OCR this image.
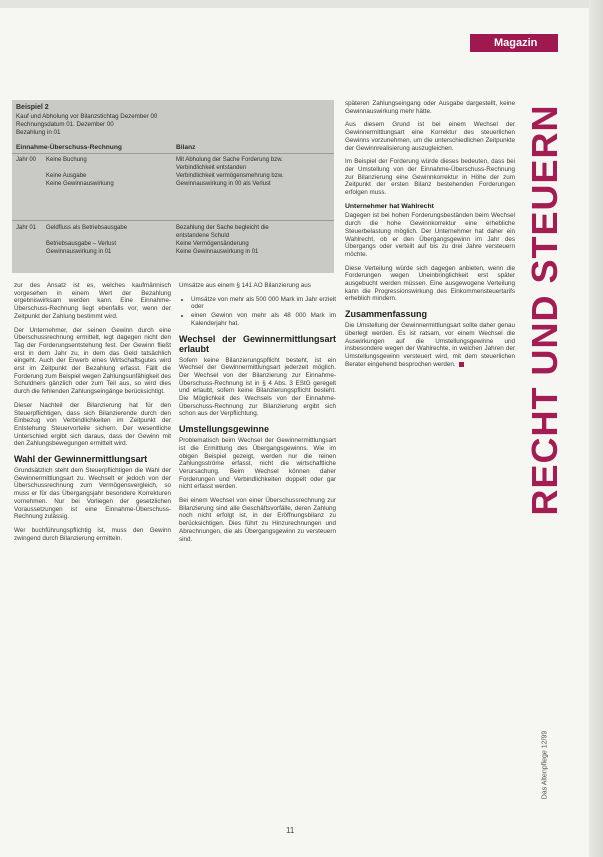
Magazin
RECHT UND STEUERN
Das Altenpflege 12/99
Beispiel 2
Kauf und Abholung vor Bilanzstichtag Dezember 00
Rechnungsdatum 01. Dezember 00
Bezahlung in 01
Einnahme-Überschuss-Rechnung	Bilanz
Jahr 00 Keine Buchung
Keine Ausgabe
Keine Gewinnauswirkung
Mit Abholung der Sache Forderung bzw.
Verbindlichkeit entstanden
Verbindlichkeit vermögensmehrung bzw.
Gewinnauswirkung in 00 als Verlust
Jahr 01 Geldfluss als Betriebsausgabe
Betriebsausgabe – Verlust
Gewinnauswirkung in 01
Bezahlung der Sache begleicht die
entstandene Schuld
Keine Vermögensänderung
Keine Gewinnauswirkung in 01

zur des Ansatz ist es, welches kaufmännisch vorgesehen in einem Wert der Bezahlung ergebniswirksam werden kann. Eine Einnahme-Überschuss-Rechnung liegt ebenfalls vor, wenn der Zeitpunkt der Zahlung bestimmt wird.

Der Unternehmer, der seinen Gewinn durch eine Überschussrechnung ermittelt, legt dagegen nicht den Tag der Forderungsentstehung fest. Der Gewinn fließt erst in dem Jahr zu, in dem das Geld tatsächlich eingeht. Auch der Erwerb eines Wirtschaftsgutes wird erst im Zeitpunkt der Bezahlung erfasst. Fällt die Forderung zum Beispiel wegen Zahlungsunfähigkeit des Schuldners gänzlich oder zum Teil aus, so wird dies durch die fehlenden Zahlungseingänge berücksichtigt.

Dieser Nachteil der Bilanzierung hat für den Steuerpflichtigen, dass sich Bilanzierende durch den Einbezug von Verbindlichkeiten im Zeitpunkt der Entstehung Steuervorteile sichern. Der wesentliche Unterschied ergibt sich daraus, dass der Gewinn mit den Zahlungsbewegungen ermittelt wird.

Wahl der Gewinnermittlungsart

Grundsätzlich steht dem Steuerpflichtigen die Wahl der Gewinnermittlungsart zu. Wechselt er jedoch von der Überschussrechnung zum Vermögensvergleich, so muss er für das Übergangsjahr besondere Korrekturen vornehmen. Nur bei Vorliegen der gesetzlichen Voraussetzungen ist eine Einnahme-Überschuss-Rechnung zulässig.

Wer buchführungspflichtig ist, muss den Gewinn zwingend durch Bilanzierung ermitteln.

Umsätze aus einem § 141 AO Bilanzierung aus

• Umsätze von mehr als 500 000 Mark im Jahr erzielt oder
• einen Gewinn von mehr als 48 000 Mark im Kalenderjahr hat.
Wechsel der Gewinnermittlungsart erlaubt

Sofern keine Bilanzierungspflicht besteht, ist ein Wechsel der Gewinnermittlungsart jederzeit möglich. Der Wechsel von der Bilanzierung zur Einnahme-Überschuss-Rechnung ist in § 4 Abs. 3 EStG geregelt und erlaubt, sofern keine Bilanzierungspflicht besteht. Die Möglichkeit des Wechsels von der Einnahme-Überschuss-Rechnung zur Bilanzierung ergibt sich schon aus der Verpflichtung.

Umstellungsgewinne

Problematisch beim Wechsel der Gewinnermittlungsart ist die Ermittlung des Übergangsgewinns. Wie im obigen Beispiel gezeigt, werden nur die reinen Zahlungsströme erfasst, nicht die wirtschaftliche Verursachung. Beim Wechsel können daher Forderungen und Verbindlichkeiten doppelt oder gar nicht erfasst werden.

Bei einem Wechsel von einer Überschussrechnung zur Bilanzierung sind alle Geschäftsvorfälle, deren Zahlung noch nicht erfolgt ist, in der Eröffnungsbilanz zu berücksichtigen. Dies führt zu Hinzurechnungen und Abrechnungen, die als Übergangsgewinn zu versteuern sind.

späteren Zahlungseingang oder Ausgabe dargestellt, keine Gewinnauswirkung mehr hätte.

Aus diesem Grund ist bei einem Wechsel der Gewinnermittlungsart eine Korrektur des steuerlichen Gewinns vorzunehmen, um die unterschiedlichen Zeitpunkte der Gewinnrealisierung auszugleichen.

Im Beispiel der Forderung würde dieses bedeuten, dass bei der Umstellung von der Einnahme-Überschuss-Rechnung zur Bilanzierung eine Gewinnkorrektur in Höhe der zum Zeitpunkt der ersten Bilanz bestehenden Forderungen erfolgen muss.

Unternehmer hat Wahlrecht

Dagegen ist bei hohen Forderungsbeständen beim Wechsel durch die hohe Gewinnkorrektur eine erhebliche Steuerbelastung möglich. Der Unternehmer hat daher ein Wahlrecht, ob er den Übergangsgewinn im Jahr des Übergangs oder verteilt auf bis zu drei Jahre versteuern möchte.

Diese Verteilung würde sich dagegen anbieten, wenn die Forderungen wegen Uneinbringlichkeit erst später ausgebucht werden müssen. Eine ausgewogene Verteilung kann die Progressionswirkung des Einkommensteuertarifs erheblich mindern.

Zusammenfassung

Die Umstellung der Gewinnermittlungsart sollte daher genau überlegt werden. Es ist ratsam, vor einem Wechsel die Auswirkungen auf die Umstellungsgewinne und insbesondere wegen der Wahlrechte, in welchen Jahren der Umstellungsgewinn versteuert wird, mit dem steuerlichen Berater eingehend besprochen werden.

11
